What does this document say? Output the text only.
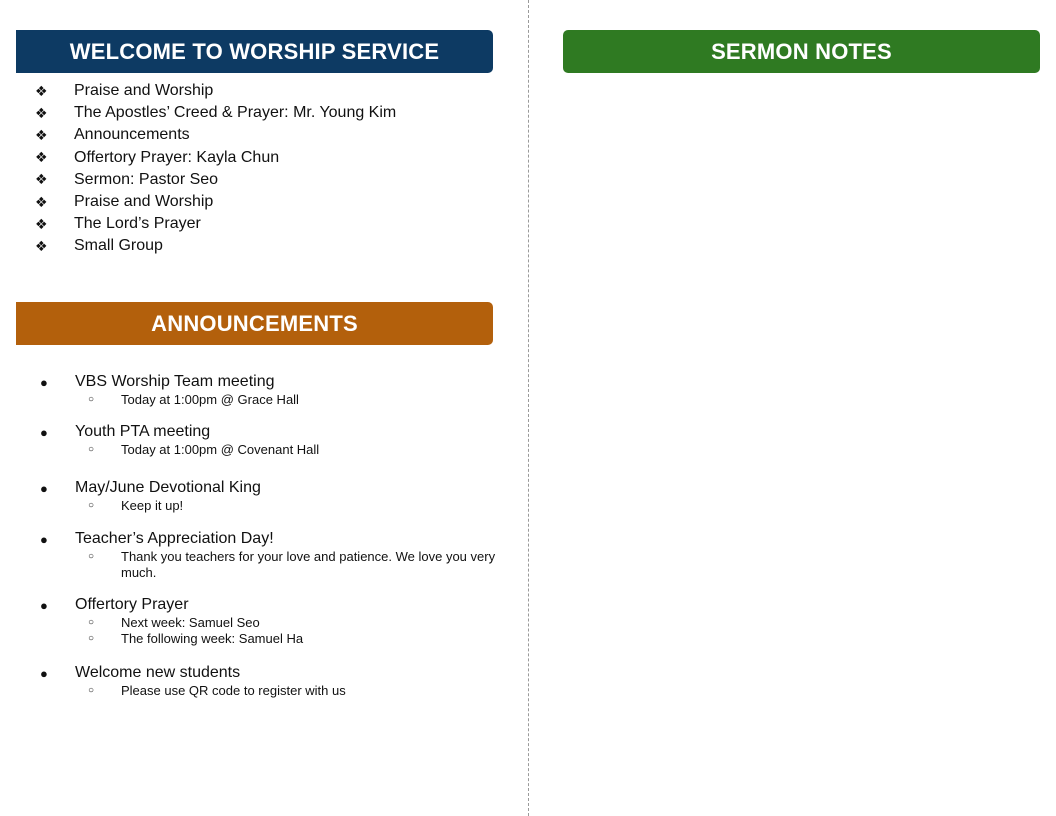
WELCOME TO WORSHIP SERVICE
❖	Praise and Worship
❖	The Apostles’ Creed & Prayer: Mr. Young Kim
❖	Announcements
❖	Offertory Prayer: Kayla Chun
❖	Sermon: Pastor Seo
❖	Praise and Worship
❖	The Lord’s Prayer
❖	Small Group
ANNOUNCEMENTS
●	VBS Worship Team meeting
○	Today at 1:00pm @ Grace Hall
●	Youth PTA meeting
○	Today at 1:00pm @ Covenant Hall
●	May/June Devotional King
○	Keep it up!
●	Teacher’s Appreciation Day!
○	Thank you teachers for your love and patience. We love you very much.
●	Offertory Prayer
○	Next week: Samuel Seo
○	The following week: Samuel Ha
●	Welcome new students
○	Please use QR code to register with us
SERMON NOTES
